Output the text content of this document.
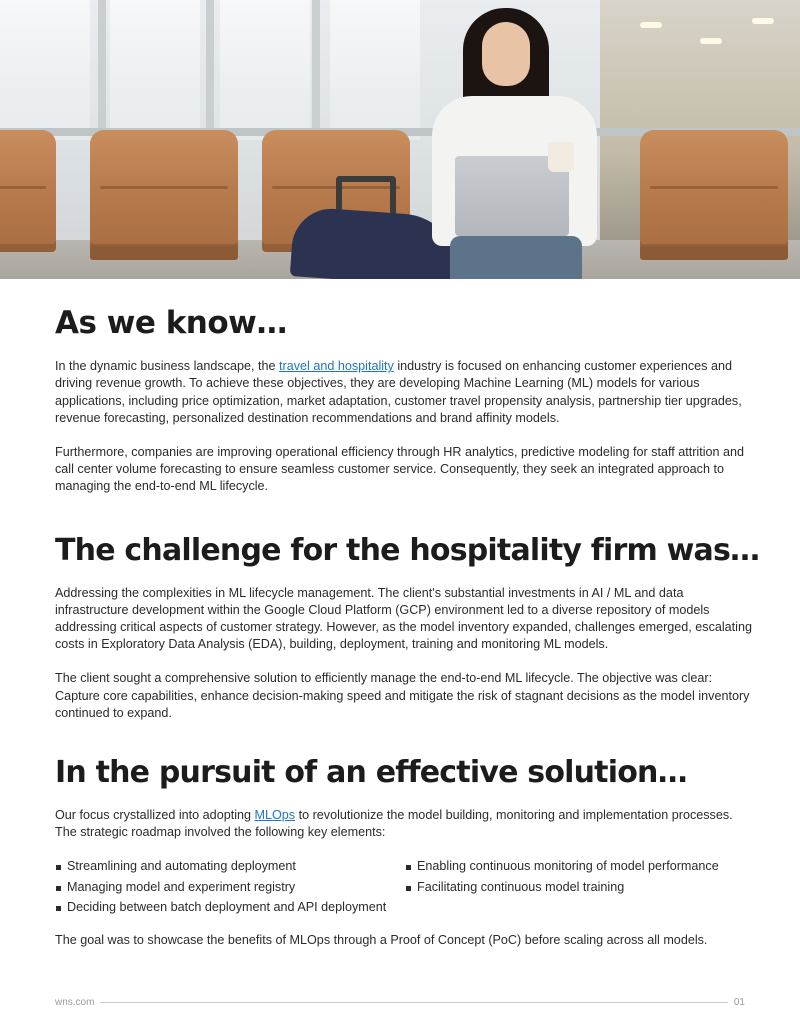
As we know…

In the dynamic business landscape, the travel and hospitality industry is focused on enhancing customer experiences and driving revenue growth. To achieve these objectives, they are developing Machine Learning (ML) models for various applications, including price optimization, market adaptation, customer travel propensity analysis, partnership tier upgrades, revenue forecasting, personalized destination recommendations and brand affinity models.

Furthermore, companies are improving operational efficiency through HR analytics, predictive modeling for staff attrition and call center volume forecasting to ensure seamless customer service. Consequently, they seek an integrated approach to managing the end-to-end ML lifecycle.

The challenge for the hospitality firm was…

Addressing the complexities in ML lifecycle management. The client's substantial investments in AI / ML and data infrastructure development within the Google Cloud Platform (GCP) environment led to a diverse repository of models addressing critical aspects of customer strategy. However, as the model inventory expanded, challenges emerged, escalating costs in Exploratory Data Analysis (EDA), building, deployment, training and monitoring ML models.

The client sought a comprehensive solution to efficiently manage the end-to-end ML lifecycle. The objective was clear: Capture core capabilities, enhance decision-making speed and mitigate the risk of stagnant decisions as the model inventory continued to expand.

In the pursuit of an effective solution…

Our focus crystallized into adopting MLOps to revolutionize the model building, monitoring and implementation processes. The strategic roadmap involved the following key elements:

Streamlining and automating deployment
Managing model and experiment registry
Deciding between batch deployment and API deployment
Enabling continuous monitoring of model performance
Facilitating continuous model training

The goal was to showcase the benefits of MLOps through a Proof of Concept (PoC) before scaling across all models.

wns.com	01
